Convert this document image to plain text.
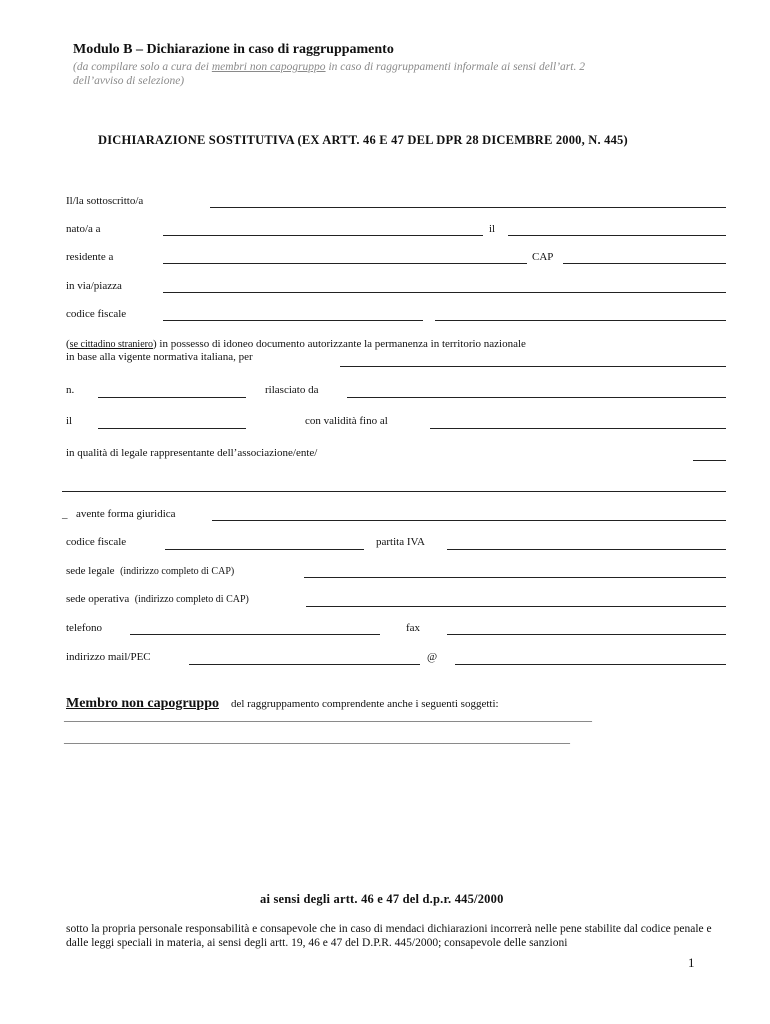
Modulo B – Dichiarazione in caso di raggruppamento
(da compilare solo a cura dei membri non capogruppo in caso di raggruppamenti informale ai sensi dell’art. 2
dell’avviso di selezione)
DICHIARAZIONE SOSTITUTIVA (EX ARTT. 46 E 47 DEL DPR 28 DICEMBRE 2000, N. 445)
Il/la sottoscritto/a
nato/a a	il
residente a	CAP
in via/piazza
codice fiscale
(se cittadino straniero) in possesso di idoneo documento autorizzante la permanenza in territorio nazionale
in base alla vigente normativa italiana, per
n.	rilasciato da
il	con validità fino al
in qualità di legale rappresentante dell’associazione/ente/
_ avente forma giuridica
codice fiscale	partita IVA
sede legale (indirizzo completo di CAP)
sede operativa (indirizzo completo di CAP)
telefono	fax
indirizzo mail/PEC	@
Membro non capogruppo del raggruppamento comprendente anche i seguenti soggetti:
________________________________________________________________________________________________
____________________________________________________________________________________________
ai sensi degli artt. 46 e 47 del d.p.r. 445/2000
sotto la propria personale responsabilità e consapevole che in caso di mendaci dichiarazioni incorrerà nelle pene stabilite dal codice penale e dalle leggi speciali in materia, ai sensi degli artt. 19, 46 e 47 del D.P.R. 445/2000; consapevole delle sanzioni
1
